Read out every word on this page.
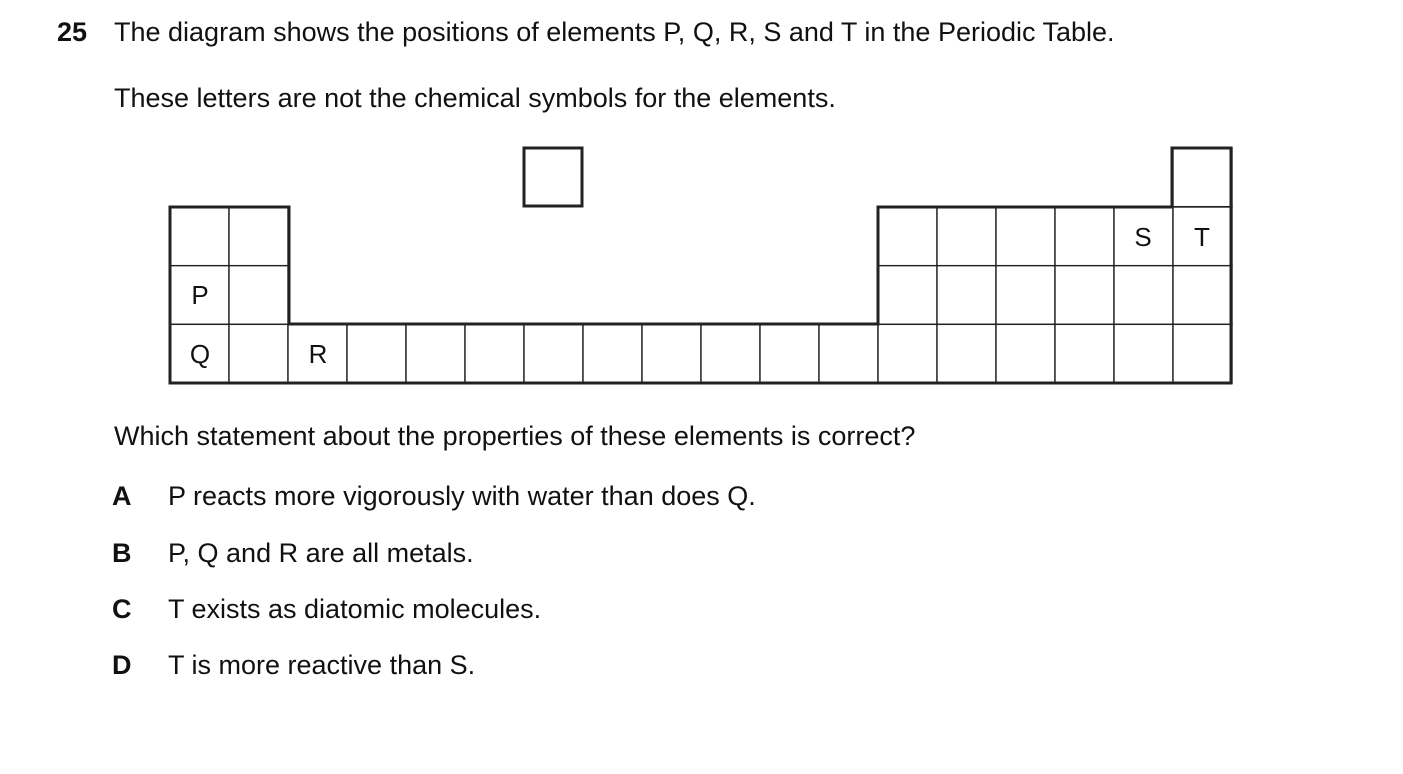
25 The diagram shows the positions of elements P, Q, R, S and T in the Periodic Table.
These letters are not the chemical symbols for the elements.
P
Q	R
S T
Which statement about the properties of these elements is correct?
A P reacts more vigorously with water than does Q.
B P, Q and R are all metals.
C T exists as diatomic molecules.
D T is more reactive than S.
